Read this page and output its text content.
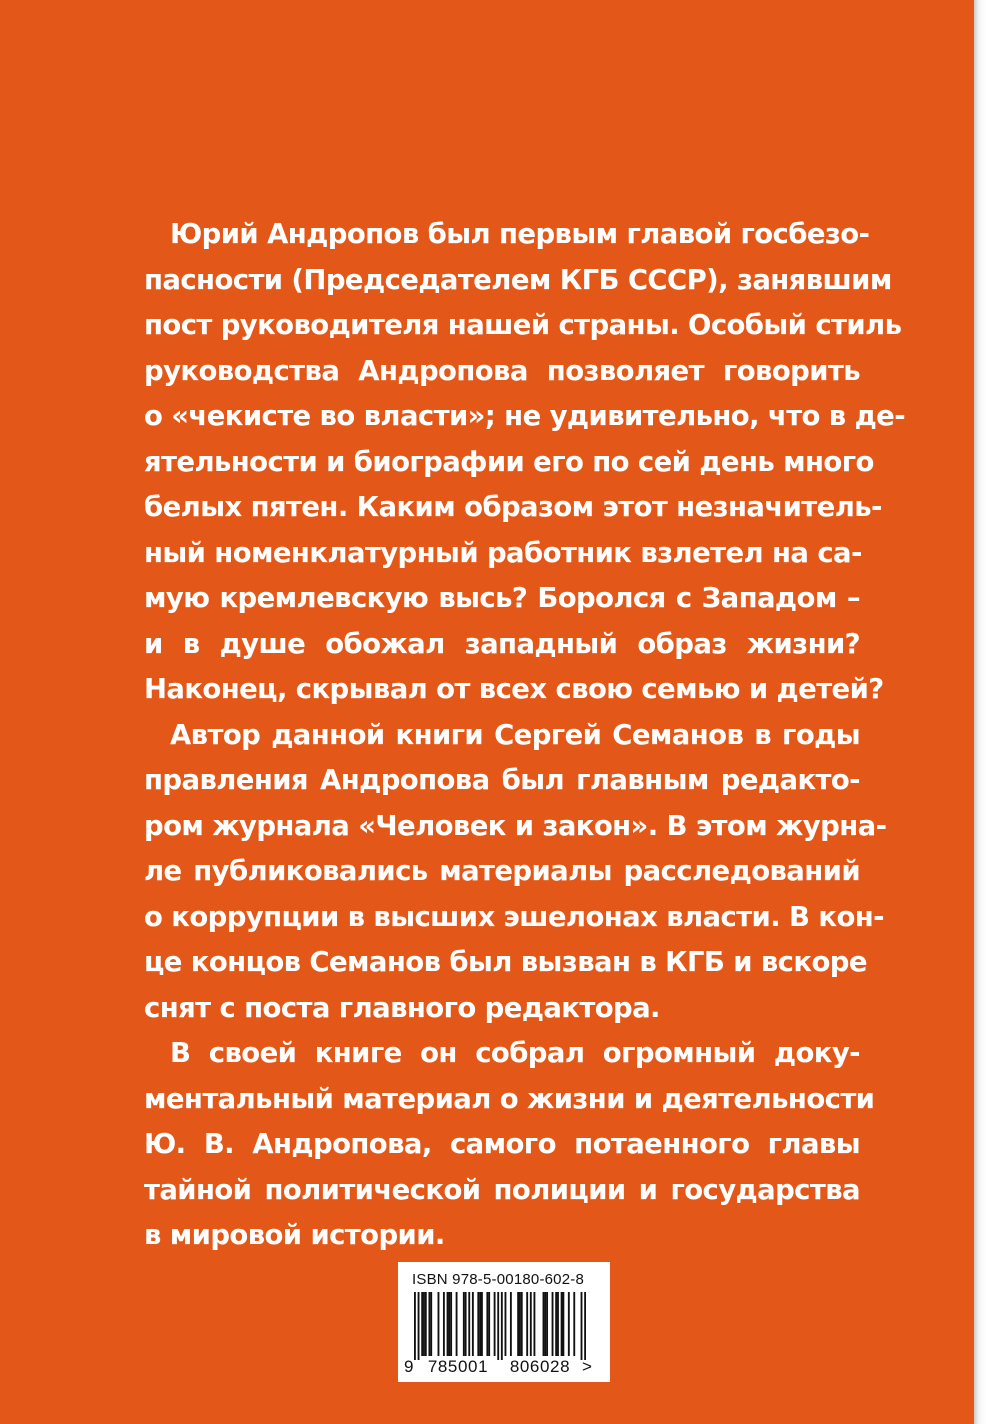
Юрий Андропов был первым главой госбезо-
пасности (Председателем КГБ СССР), занявшим
пост руководителя нашей страны. Особый стиль
руководства Андропова позволяет говорить
о «чекисте во власти»; не удивительно, что в де-
ятельности и биографии его по сей день много
белых пятен. Каким образом этот незначитель-
ный номенклатурный работник взлетел на са-
мую кремлевскую высь? Боролся с Западом –
и в душе обожал западный образ жизни?
Наконец, скрывал от всех свою семью и детей?
Автор данной книги Сергей Семанов в годы
правления Андропова был главным редакто-
ром журнала «Человек и закон». В этом журна-
ле публиковались материалы расследований
о коррупции в высших эшелонах власти. В кон-
це концов Семанов был вызван в КГБ и вскоре
снят с поста главного редактора.
В своей книге он собрал огромный доку-
ментальный материал о жизни и деятельности
Ю. В. Андропова, самого потаенного главы
тайной политической полиции и государства
в мировой истории.
ISBN 978-5-00180-602-8
9 785001 806028 >
